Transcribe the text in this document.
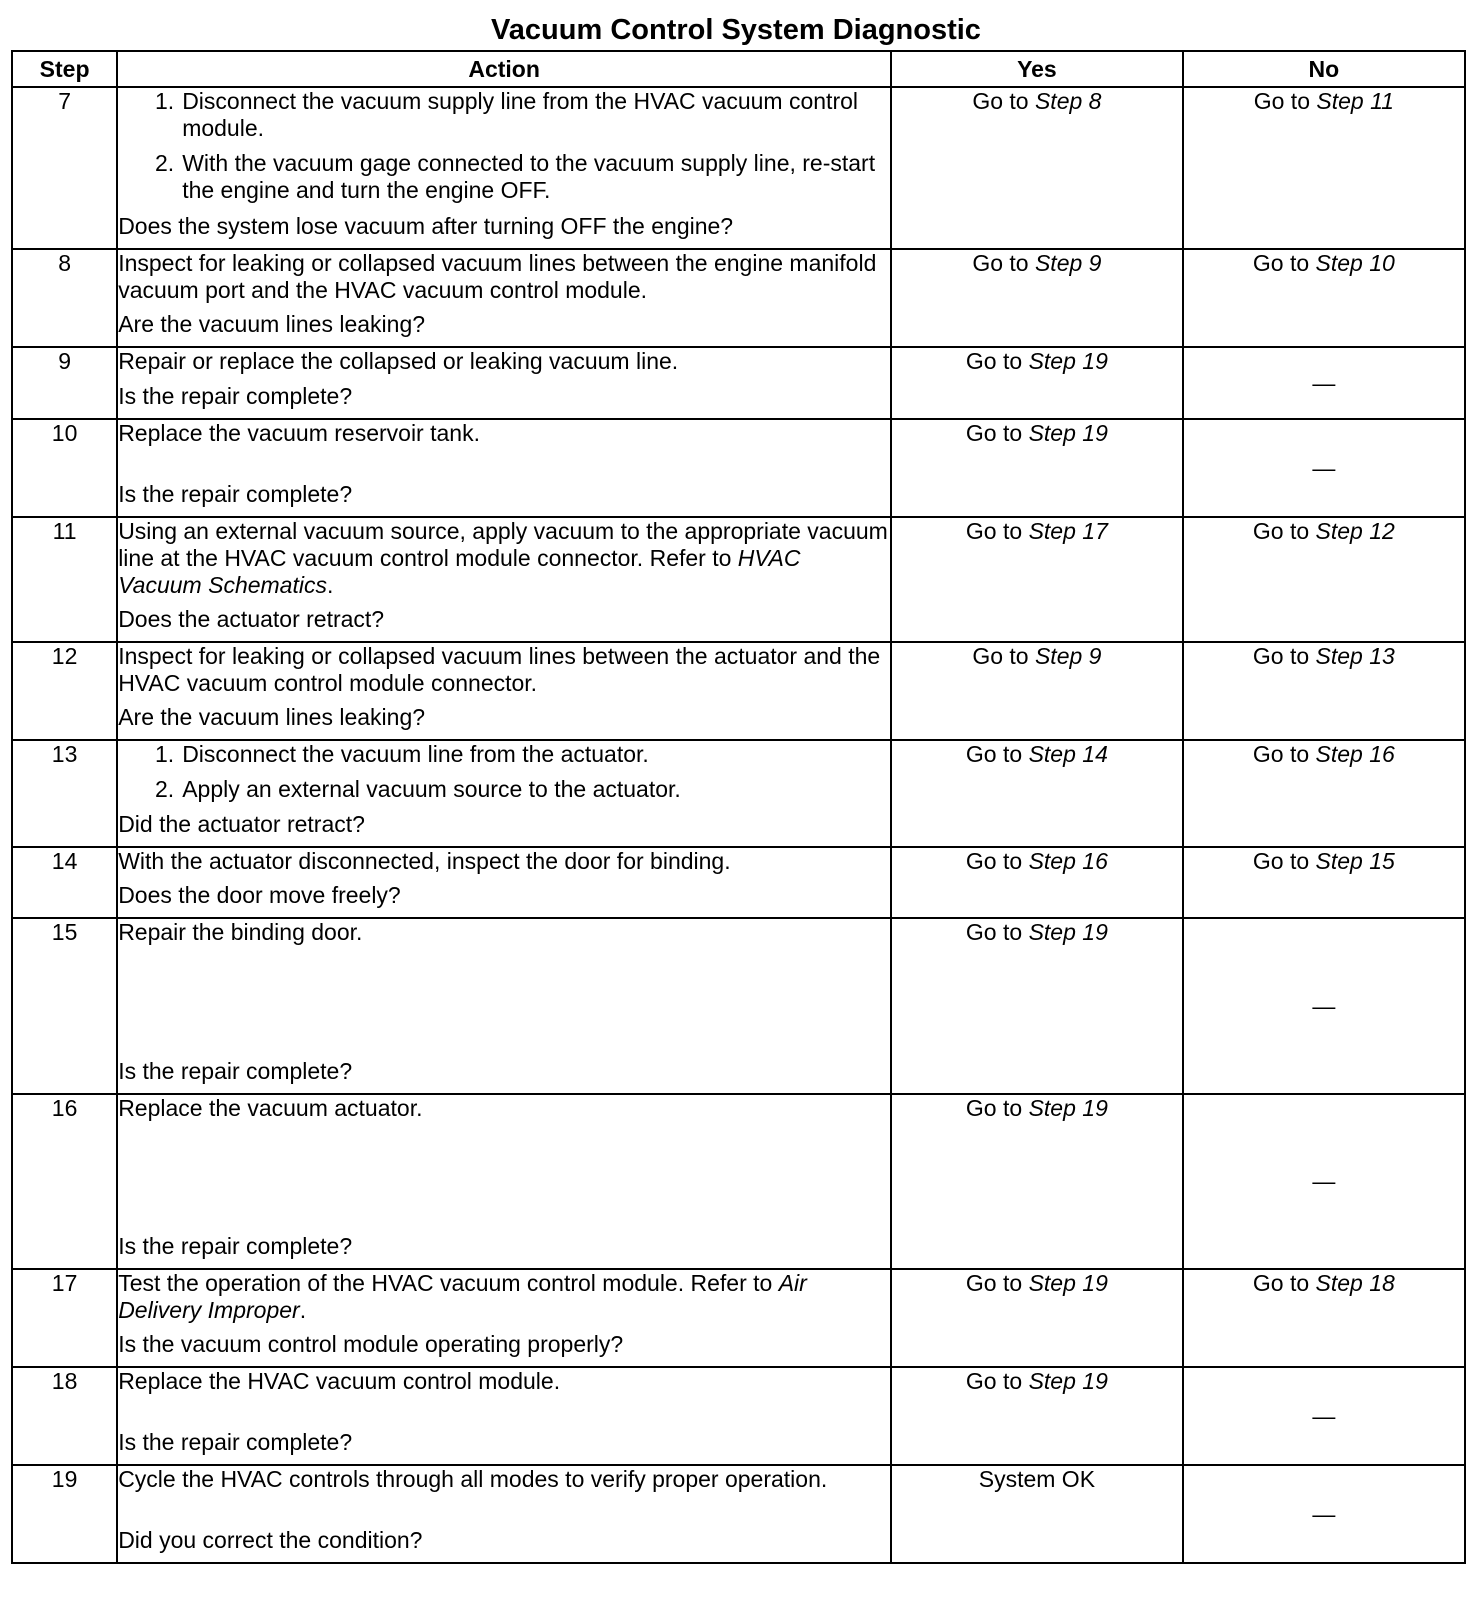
Vacuum Control System Diagnostic
Step	Action	Yes	No
7	1. Disconnect the vacuum supply line from the HVAC vacuum control module.
2. With the vacuum gage connected to the vacuum supply line, re-start the engine and turn the engine OFF.
Does the system lose vacuum after turning OFF the engine?	Go to Step 8	Go to Step 11
8	Inspect for leaking or collapsed vacuum lines between the engine manifold vacuum port and the HVAC vacuum control module.
Are the vacuum lines leaking?	Go to Step 9	Go to Step 10
9	Repair or replace the collapsed or leaking vacuum line.
Is the repair complete?	Go to Step 19	—
10	Replace the vacuum reservoir tank.
Is the repair complete?	Go to Step 19	—
11	Using an external vacuum source, apply vacuum to the appropriate vacuum line at the HVAC vacuum control module connector. Refer to HVAC Vacuum Schematics.
Does the actuator retract?	Go to Step 17	Go to Step 12
12	Inspect for leaking or collapsed vacuum lines between the actuator and the HVAC vacuum control module connector.
Are the vacuum lines leaking?	Go to Step 9	Go to Step 13
13	1. Disconnect the vacuum line from the actuator.
2. Apply an external vacuum source to the actuator.
Did the actuator retract?	Go to Step 14	Go to Step 16
14	With the actuator disconnected, inspect the door for binding.
Does the door move freely?	Go to Step 16	Go to Step 15
15	Repair the binding door.
Is the repair complete?	Go to Step 19	—
16	Replace the vacuum actuator.
Is the repair complete?	Go to Step 19	—
17	Test the operation of the HVAC vacuum control module. Refer to Air Delivery Improper.
Is the vacuum control module operating properly?	Go to Step 19	Go to Step 18
18	Replace the HVAC vacuum control module.
Is the repair complete?	Go to Step 19	—
19	Cycle the HVAC controls through all modes to verify proper operation.
Did you correct the condition?	System OK	—
